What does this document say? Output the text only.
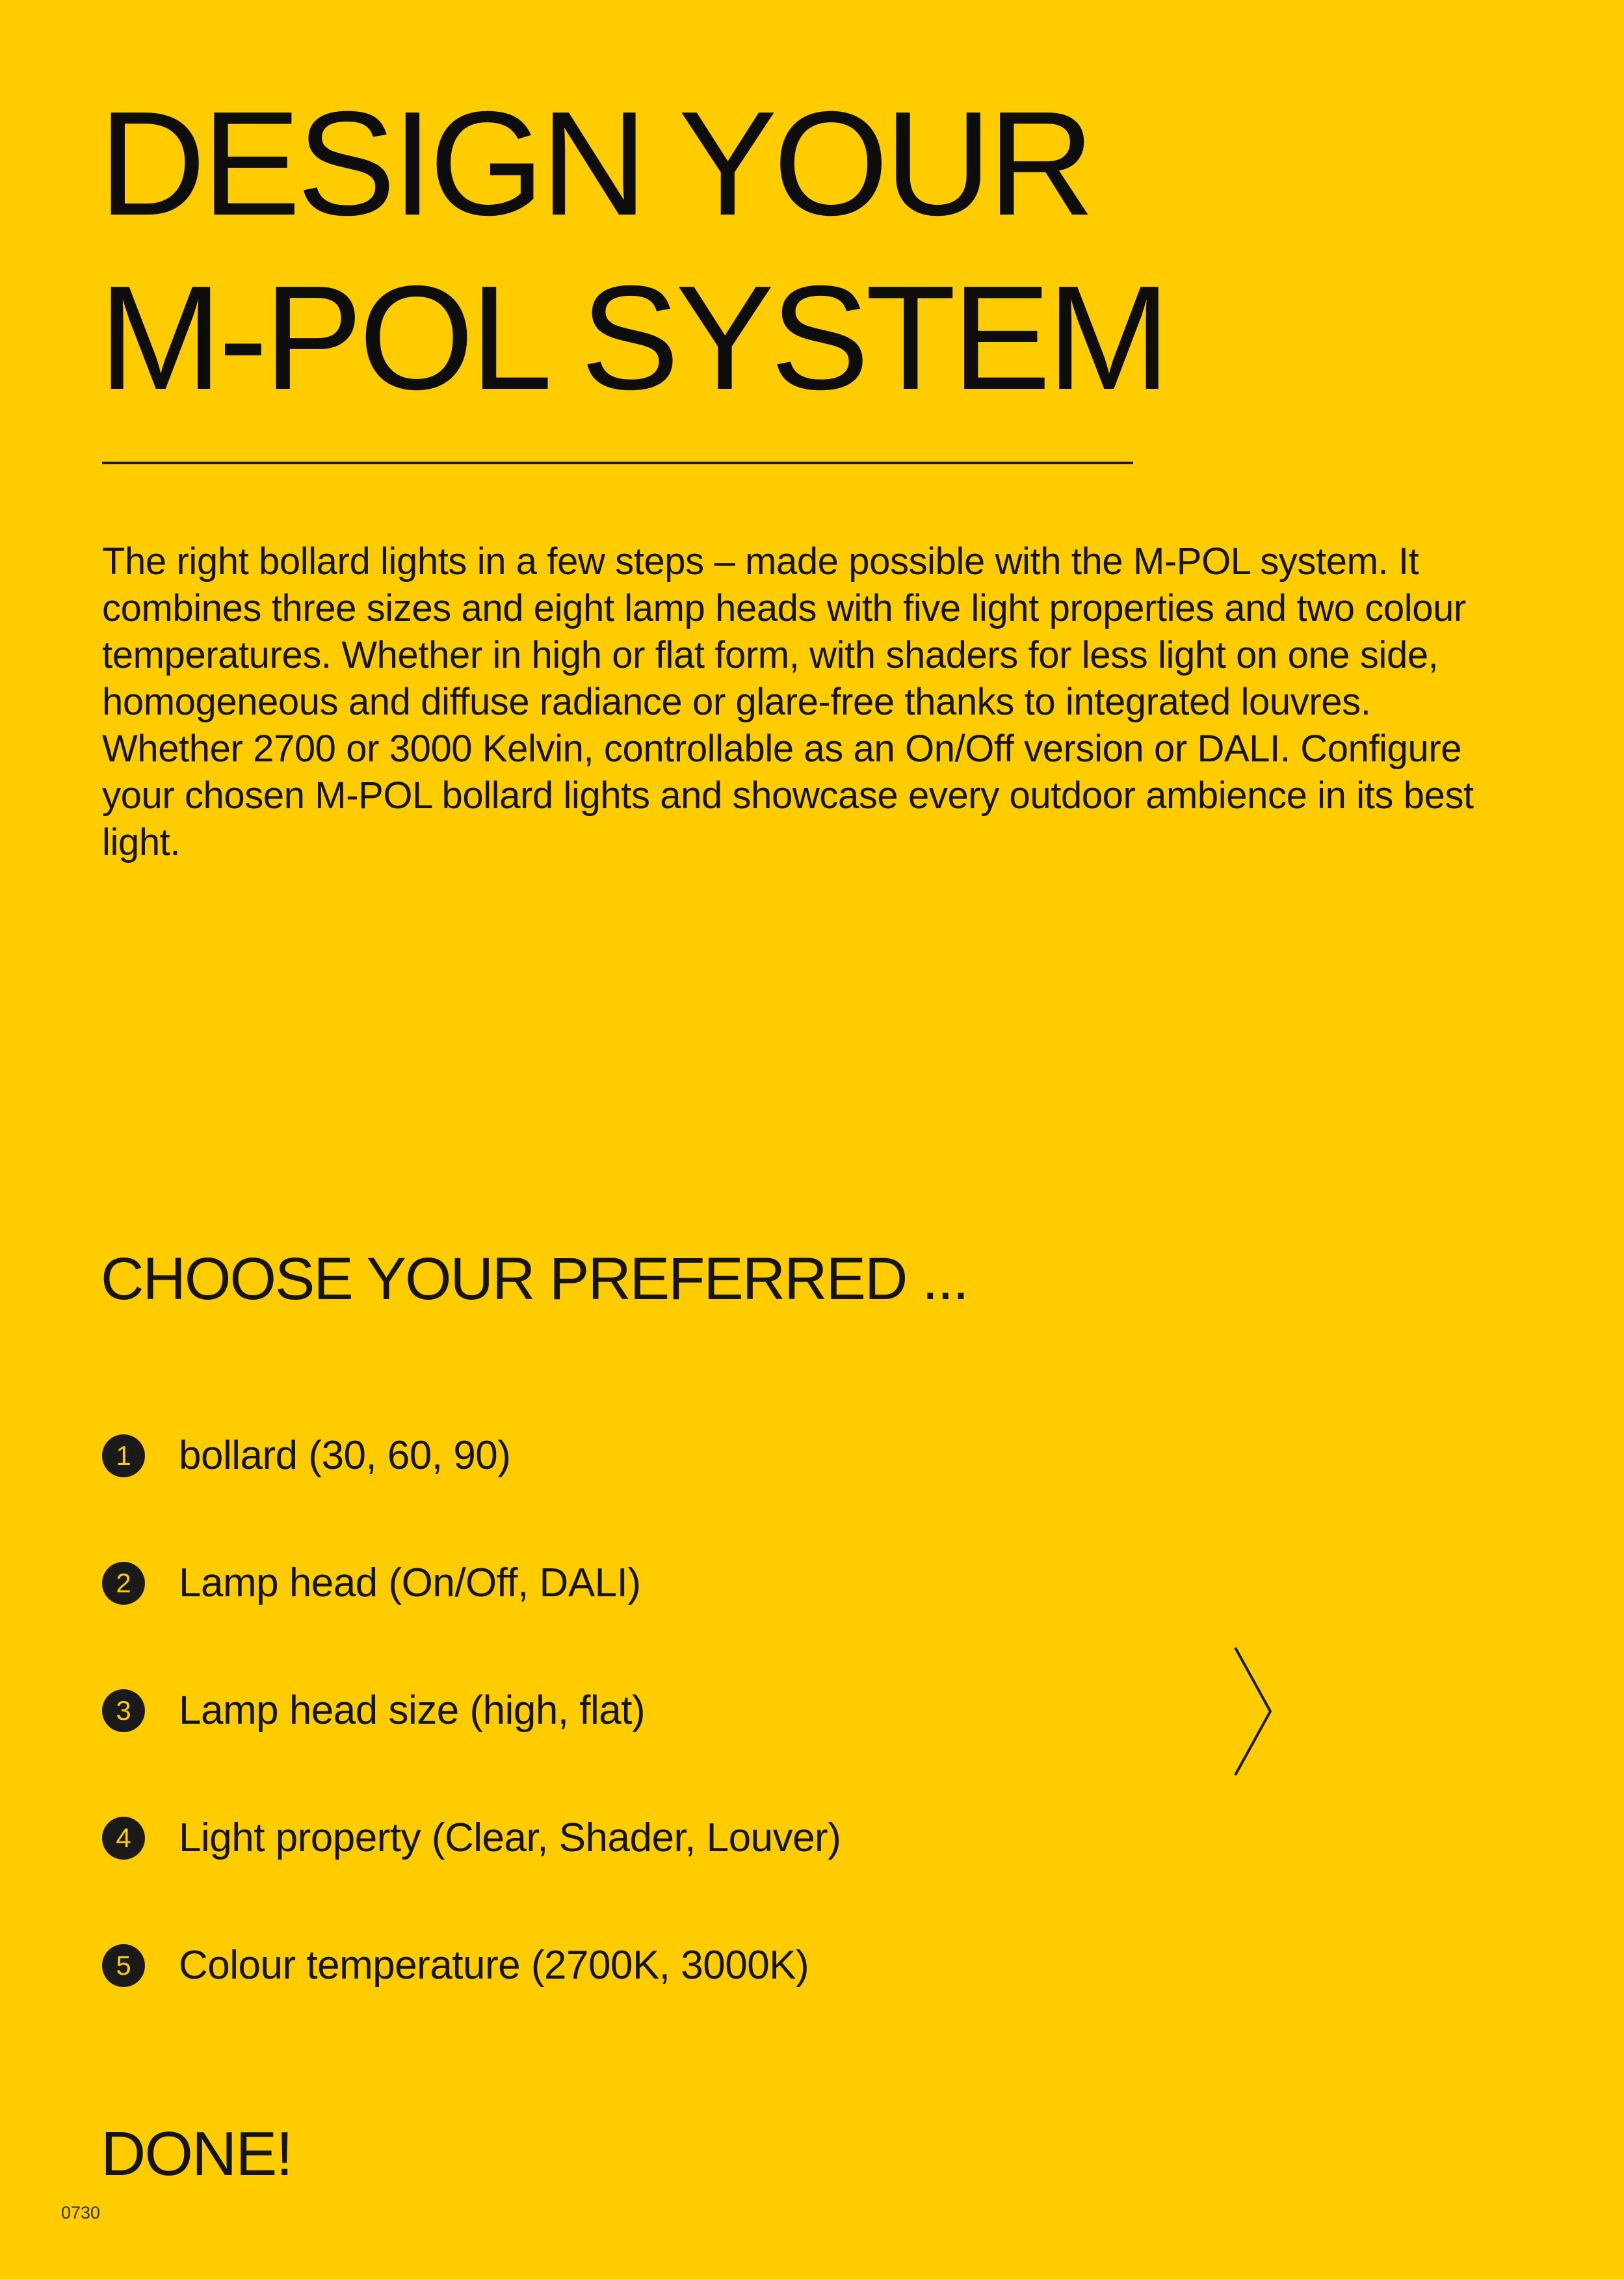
DESIGN YOUR
M-POL SYSTEM

The right bollard lights in a few steps – made possible with the M-POL system. It combines three sizes and eight lamp heads with five light properties and two colour temperatures. Whether in high or flat form, with shaders for less light on one side, homogeneous and diffuse radiance or glare-free thanks to integrated louvres. Whether 2700 or 3000 Kelvin, controllable as an On/Off version or DALI. Configure your chosen M-POL bollard lights and showcase every outdoor ambience in its best light.

CHOOSE YOUR PREFERRED ...
1	bollard (30, 60, 90)
2	Lamp head (On/Off, DALI)
3	Lamp head size (high, flat)
4	Light property (Clear, Shader, Louver)
5	Colour temperature (2700K, 3000K)
DONE!
0730
